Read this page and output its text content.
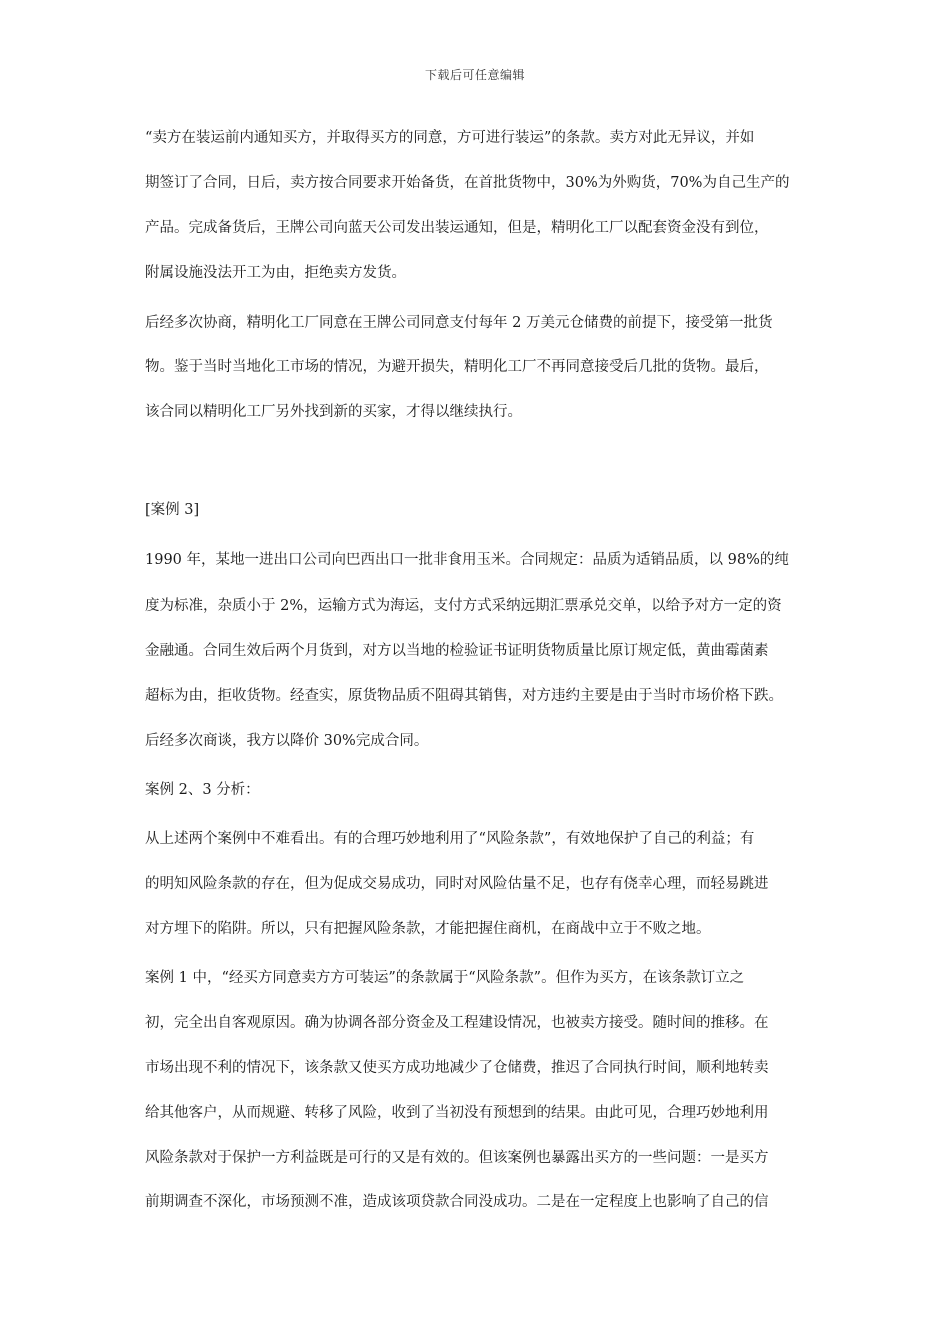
下载后可任意编辑
“卖方在装运前内通知买方，并取得买方的同意，方可进行装运”的条款。卖方对此无异议，并如
期签订了合同，日后，卖方按合同要求开始备货，在首批货物中，30%为外购货，70%为自己生产的
产品。完成备货后，王牌公司向蓝天公司发出装运通知，但是，精明化工厂以配套资金没有到位，
附属设施没法开工为由，拒绝卖方发货。
后经多次协商，精明化工厂同意在王牌公司同意支付每年 2 万美元仓储费的前提下，接受第一批货
物。鉴于当时当地化工市场的情况，为避开损失，精明化工厂不再同意接受后几批的货物。最后，
该合同以精明化工厂另外找到新的买家，才得以继续执行。
[案例 3]
1990 年，某地一进出口公司向巴西出口一批非食用玉米。合同规定：品质为适销品质，以 98%的纯
度为标准，杂质小于 2%，运输方式为海运，支付方式采纳远期汇票承兑交单，以给予对方一定的资
金融通。合同生效后两个月货到，对方以当地的检验证书证明货物质量比原订规定低，黄曲霉菌素
超标为由，拒收货物。经查实，原货物品质不阻碍其销售，对方违约主要是由于当时市场价格下跌。
后经多次商谈，我方以降价 30%完成合同。
案例 2、3 分析：
从上述两个案例中不难看出。有的合理巧妙地利用了“风险条款”，有效地保护了自己的利益；有
的明知风险条款的存在，但为促成交易成功，同时对风险估量不足，也存有侥幸心理，而轻易跳进
对方埋下的陷阱。所以，只有把握风险条款，才能把握住商机，在商战中立于不败之地。
案例 1 中，“经买方同意卖方方可装运”的条款属于“风险条款”。但作为买方，在该条款订立之
初，完全出自客观原因。确为协调各部分资金及工程建设情况，也被卖方接受。随时间的推移。在
市场出现不利的情况下，该条款又使买方成功地减少了仓储费，推迟了合同执行时间，顺利地转卖
给其他客户，从而规避、转移了风险，收到了当初没有预想到的结果。由此可见，合理巧妙地利用
风险条款对于保护一方利益既是可行的又是有效的。但该案例也暴露出买方的一些问题：一是买方
前期调查不深化，市场预测不准，造成该项贷款合同没成功。二是在一定程度上也影响了自己的信
